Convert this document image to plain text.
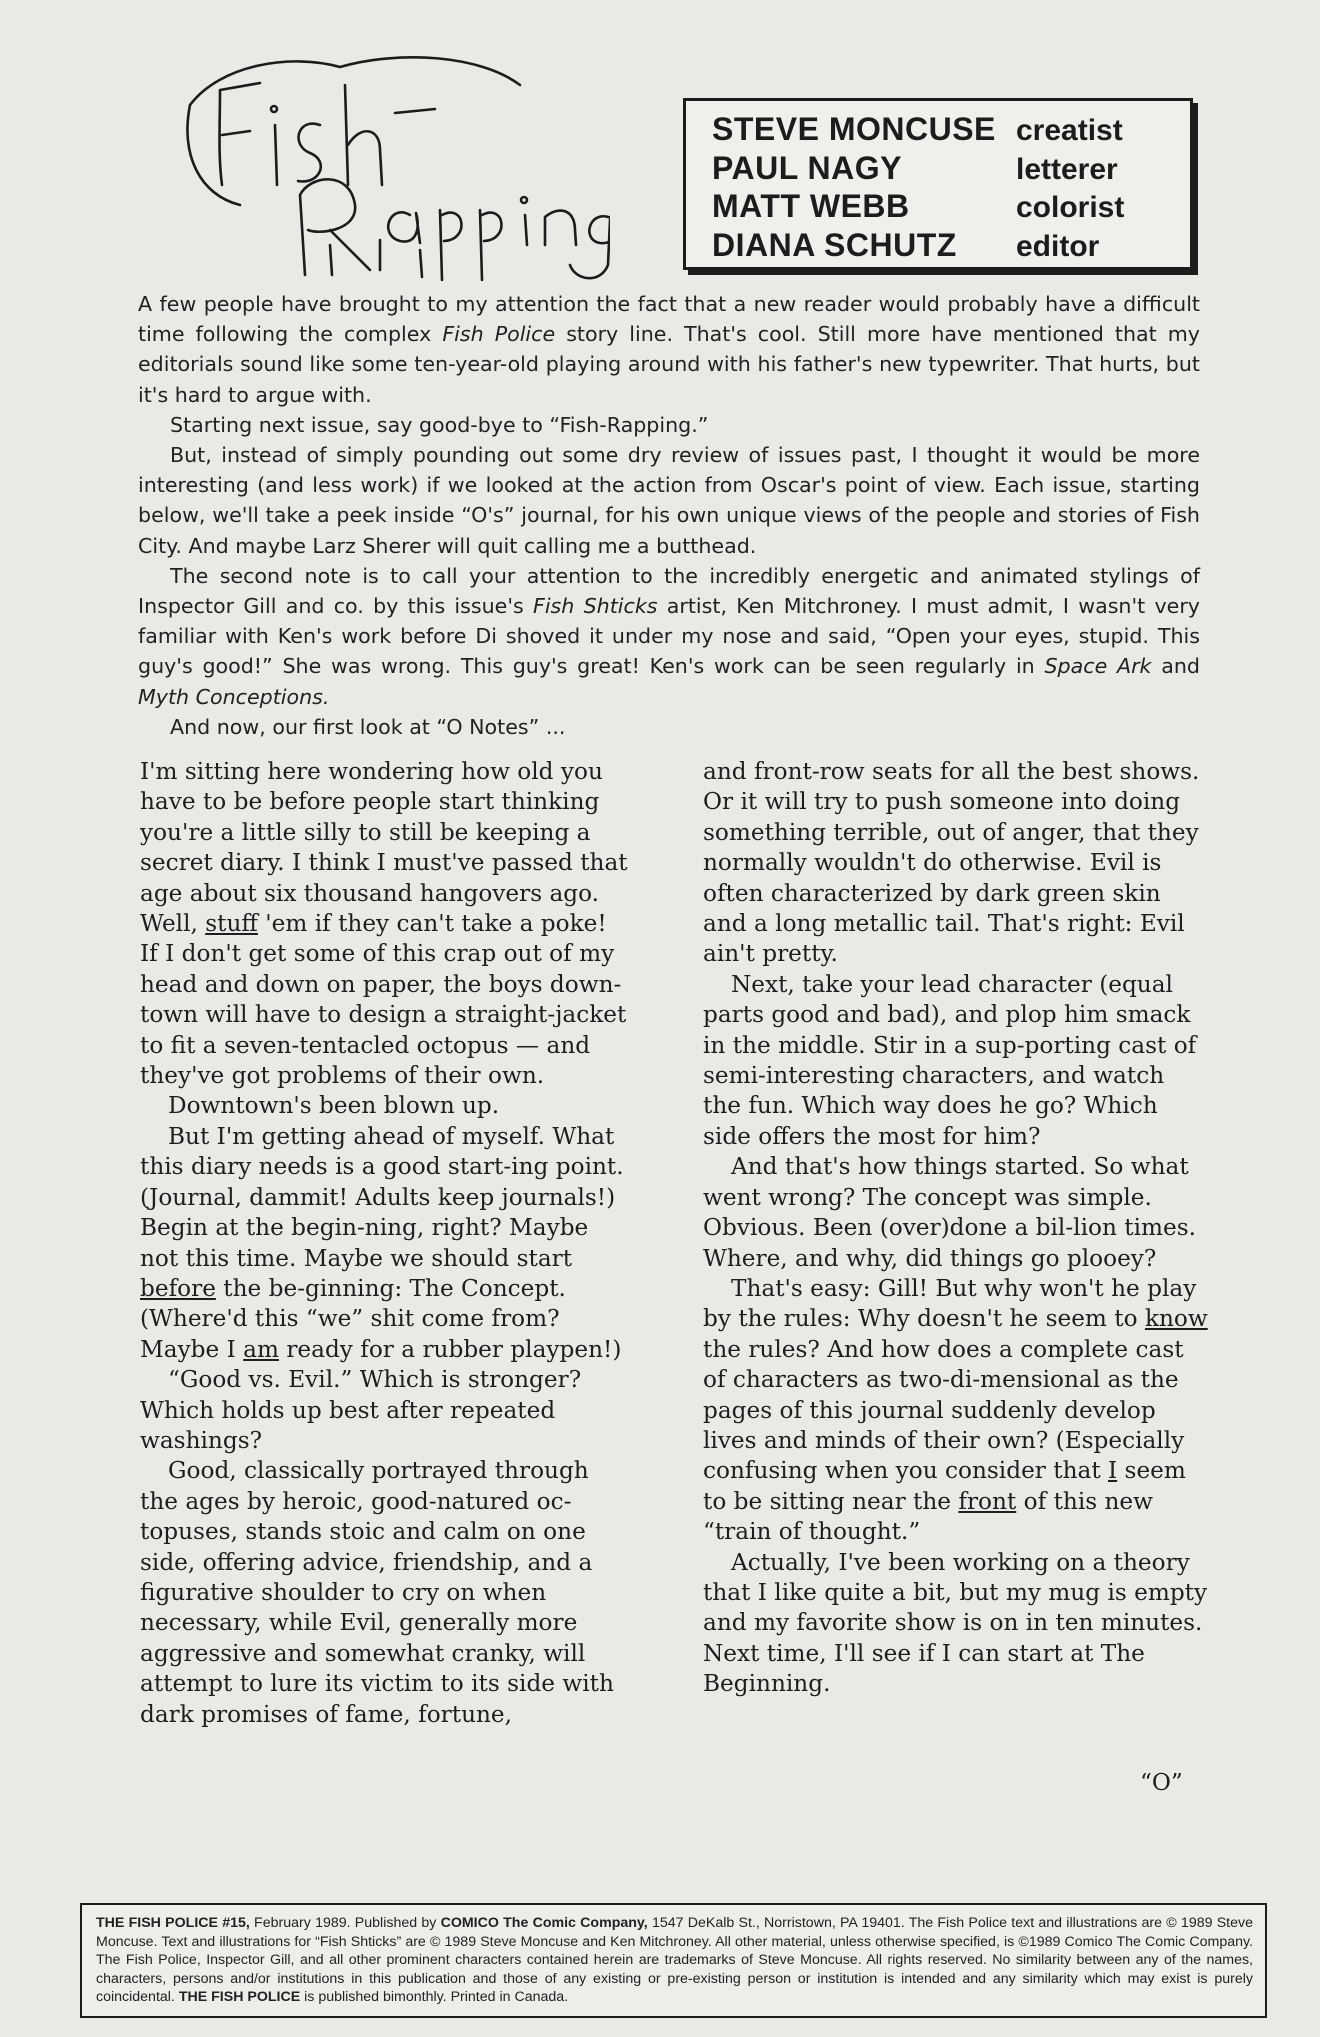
STEVE MONCUSE creatist
PAUL NAGY	letterer
MATT WEBB	colorist
DIANA SCHUTZ editor

A few people have brought to my attention the fact that a new reader would probably have a difficult time following the complex Fish Police story line. That's cool. Still more have mentioned that my editorials sound like some ten-year-old playing around with his father's new typewriter. That hurts, but it's hard to argue with.

Starting next issue, say good-bye to “Fish-Rapping.”

But, instead of simply pounding out some dry review of issues past, I thought it would be more interesting (and less work) if we looked at the action from Oscar's point of view. Each issue, starting below, we'll take a peek inside “O's” journal, for his own unique views of the people and stories of Fish City. And maybe Larz Sherer will quit calling me a butthead.

The second note is to call your attention to the incredibly energetic and animated stylings of Inspector Gill and co. by this issue's Fish Shticks artist, Ken Mitchroney. I must admit, I wasn't very familiar with Ken's work before Di shoved it under my nose and said, “Open your eyes, stupid. This guy's good!” She was wrong. This guy's great! Ken's work can be seen regularly in Space Ark and Myth Conceptions.

And now, our first look at “O Notes” ...

I'm sitting here wondering how old you have to be before people start thinking you're a little silly to still be keeping a secret diary. I think I must've passed that age about six thousand hangovers ago. Well, stuff 'em if they can't take a poke! If I don't get some of this crap out of my head and down on paper, the boys down-town will have to design a straight-jacket to fit a seven-tentacled octopus — and they've got problems of their own.

Downtown's been blown up.

But I'm getting ahead of myself. What this diary needs is a good start-ing point. (Journal, dammit! Adults keep journals!) Begin at the begin-ning, right? Maybe not this time. Maybe we should start before the be-ginning: The Concept. (Where'd this “we” shit come from? Maybe I am ready for a rubber playpen!)

“Good vs. Evil.” Which is stronger? Which holds up best after repeated washings?

Good, classically portrayed through the ages by heroic, good-natured oc-topuses, stands stoic and calm on one side, offering advice, friendship, and a figurative shoulder to cry on when necessary, while Evil, generally more aggressive and somewhat cranky, will attempt to lure its victim to its side with dark promises of fame, fortune,

and front-row seats for all the best shows. Or it will try to push someone into doing something terrible, out of anger, that they normally wouldn't do otherwise. Evil is often characterized by dark green skin and a long metallic tail. That's right: Evil ain't pretty.

Next, take your lead character (equal parts good and bad), and plop him smack in the middle. Stir in a sup-porting cast of semi-interesting characters, and watch the fun. Which way does he go? Which side offers the most for him?

And that's how things started. So what went wrong? The concept was simple. Obvious. Been (over)done a bil-lion times. Where, and why, did things go plooey?

That's easy: Gill! But why won't he play by the rules: Why doesn't he seem to know the rules? And how does a complete cast of characters as two-di-mensional as the pages of this journal suddenly develop lives and minds of their own? (Especially confusing when you consider that I seem to be sitting near the front of this new “train of thought.”

Actually, I've been working on a theory that I like quite a bit, but my mug is empty and my favorite show is on in ten minutes. Next time, I'll see if I can start at The Beginning.

“O”
THE FISH POLICE #15, February 1989. Published by COMICO The Comic Company, 1547 DeKalb St., Norristown, PA 19401. The Fish Police text and illustrations are © 1989 Steve Moncuse. Text and illustrations for “Fish Shticks” are © 1989 Steve Moncuse and Ken Mitchroney. All other material, unless otherwise specified, is ©1989 Comico The Comic Company. The Fish Police, Inspector Gill, and all other prominent characters contained herein are trademarks of Steve Moncuse. All rights reserved. No similarity between any of the names, characters, persons and/or institutions in this publication and those of any existing or pre-existing person or institution is intended and any similarity which may exist is purely coincidental. THE FISH POLICE is published bimonthly. Printed in Canada.
